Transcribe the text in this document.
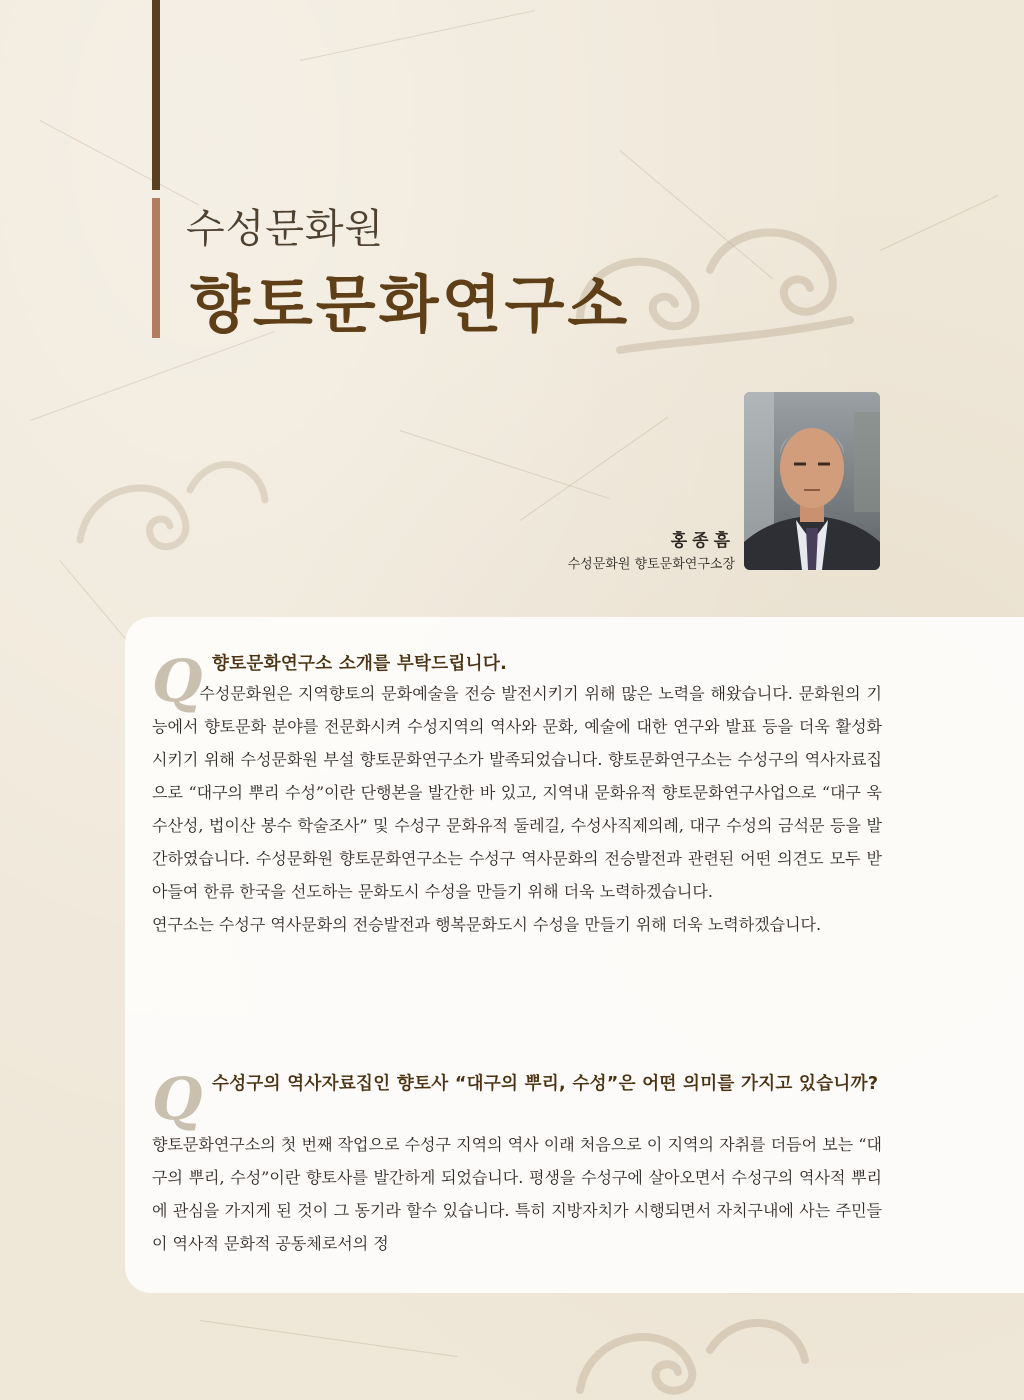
수성문화원
향토문화연구소
홍종흠
수성문화원 향토문화연구소장
Q 향토문화연구소 소개를 부탁드립니다.

수성문화원은 지역향토의 문화예술을 전승 발전시키기 위해 많은 노력을 해왔습니다. 문화원의 기능에서 향토문화 분야를 전문화시켜 수성지역의 역사와 문화, 예술에 대한 연구와 발표 등을 더욱 활성화시키기 위해 수성문화원 부설 향토문화연구소가 발족되었습니다. 향토문화연구소는 수성구의 역사자료집으로 “대구의 뿌리 수성”이란 단행본을 발간한 바 있고, 지역내 문화유적 향토문화연구사업으로 “대구 욱수산성, 법이산 봉수 학술조사” 및 수성구 문화유적 둘레길, 수성사직제의례, 대구 수성의 금석문 등을 발간하였습니다. 수성문화원 향토문화연구소는 수성구 역사문화의 전승발전과 관련된 어떤 의견도 모두 받아들여 한류 한국을 선도하는 문화도시 수성을 만들기 위해 더욱 노력하겠습니다.
연구소는 수성구 역사문화의 전승발전과 행복문화도시 수성을 만들기 위해 더욱 노력하겠습니다.

Q 수성구의 역사자료집인 향토사 “대구의 뿌리, 수성”은 어떤 의미를 가지고 있습니까?

향토문화연구소의 첫 번째 작업으로 수성구 지역의 역사 이래 처음으로 이 지역의 자취를 더듬어 보는 “대구의 뿌리, 수성”이란 향토사를 발간하게 되었습니다. 평생을 수성구에 살아오면서 수성구의 역사적 뿌리에 관심을 가지게 된 것이 그 동기라 할수 있습니다. 특히 지방자치가 시행되면서 자치구내에 사는 주민들이 역사적 문화적 공동체로서의 정
